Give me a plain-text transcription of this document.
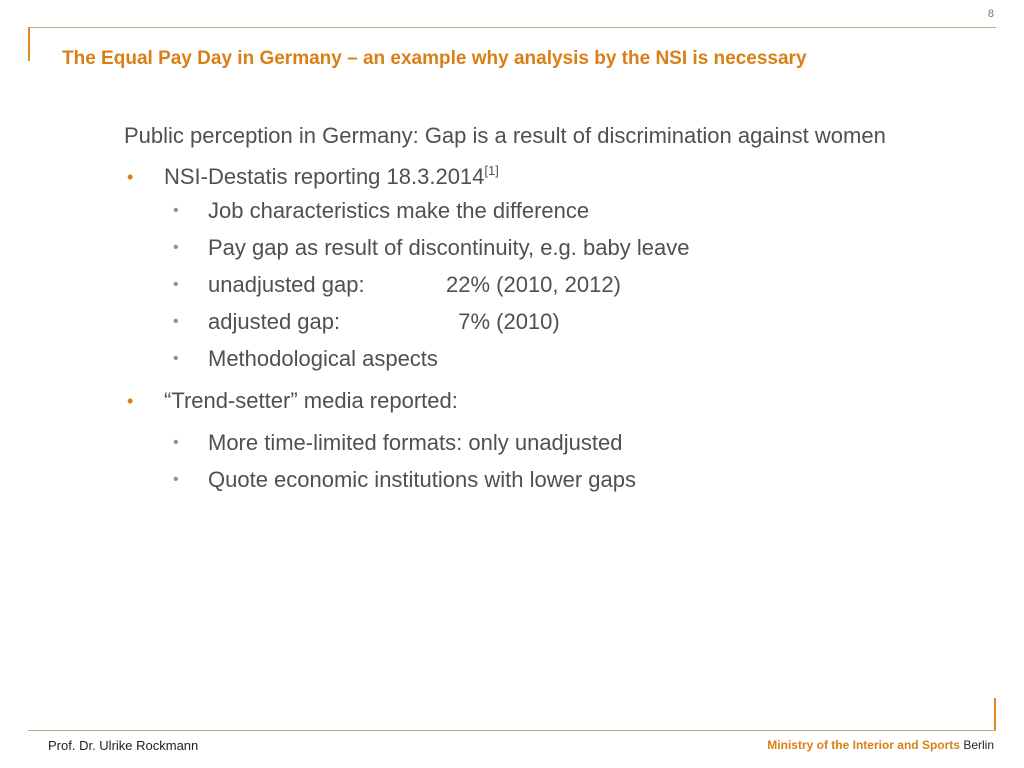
8
The Equal Pay Day in Germany – an example why analysis by the NSI is necessary

Public perception in Germany: Gap is a result of discrimination against women

• NSI-Destatis reporting 18.3.2014[1]
• Job characteristics make the difference
• Pay gap as result of discontinuity, e.g. baby leave
• unadjusted gap:	22% (2010, 2012)
• adjusted gap:	7% (2010)
• Methodological aspects
• “Trend-setter” media reported:
• More time-limited formats: only unadjusted
• Quote economic institutions with lower gaps
Prof. Dr. Ulrike Rockmann	Ministry of the Interior and Sports Berlin
